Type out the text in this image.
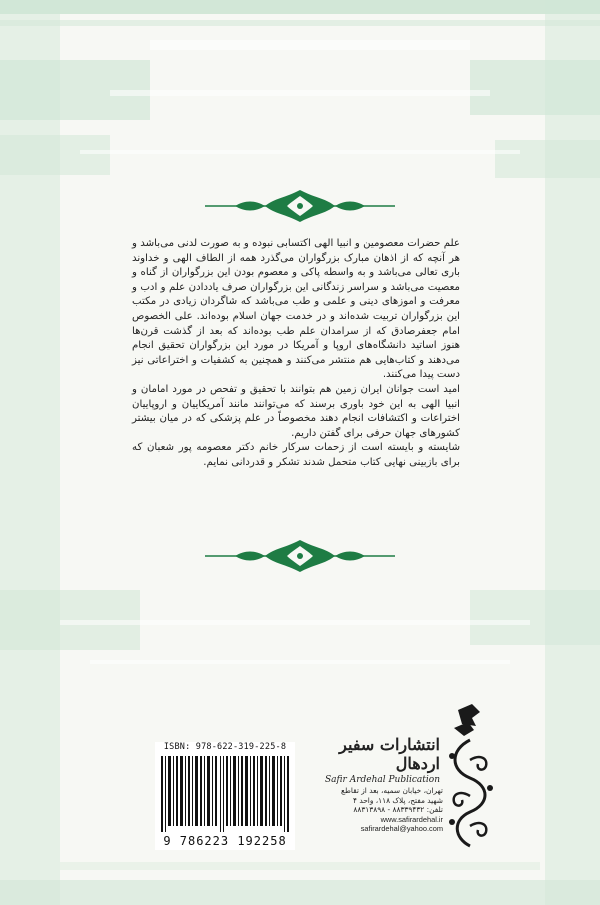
علم حضرات معصومین و انبیا الهی اکتسابی نبوده و به صورت لدنی می‌باشد و هر آنچه که از اذهان مبارک بزرگواران می‌گذرد همه از الطاف الهی و خداوند باری تعالی می‌باشد و به واسطه پاکی و معصوم بودن این بزرگواران از گناه و معصیت می‌باشد و سراسر زندگانی این بزرگواران صرف یاددادن علم و ادب و معرفت و اموزهای دینی و علمی و طب می‌باشد که شاگردان زیادی در مکتب این بزرگواران تربیت شده‌اند و در خدمت جهان اسلام بوده‌اند. علی الخصوص امام جعفرصادق که از سرامدان علم طب بوده‌اند که بعد از گذشت قرن‌ها هنوز اساتید دانشگاه‌های اروپا و آمریکا در مورد این بزرگواران تحقیق انجام می‌دهند و کتاب‌هایی هم منتشر می‌کنند و همچنین به کشفیات و اختراعاتی نیز دست پیدا می‌کنند.

امید است جوانان ایران زمین هم بتوانند با تحقیق و تفحص در مورد امامان و انبیا الهی به این خود باوری برسند که می‌توانند مانند آمریکاییان و اروپاییان اختراعات و اکتشافات انجام دهند مخصوصاً در علم پزشکی که در میان بیشتر کشورهای جهان حرفی برای گفتن داریم.

شایسته و بایسته است از زحمات سرکار خانم دکتر معصومه پور شعبان که برای بازبینی نهایی کتاب متحمل شدند تشکر و قدردانی نمایم.

ISBN: 978-622-319-225-8
9 786223 192258
انتشارات سفیر اردهال
Safir Ardehal Publication
تهران، خیابان سمیه، بعد از تقاطع
شهید مفتح، پلاک ۱۱۸، واحد ۴
تلفن: ۸۸۳۳۹۴۳۲ - ۸۸۳۱۳۸۹۸
www.safirardehal.ir
safirardehal@yahoo.com
